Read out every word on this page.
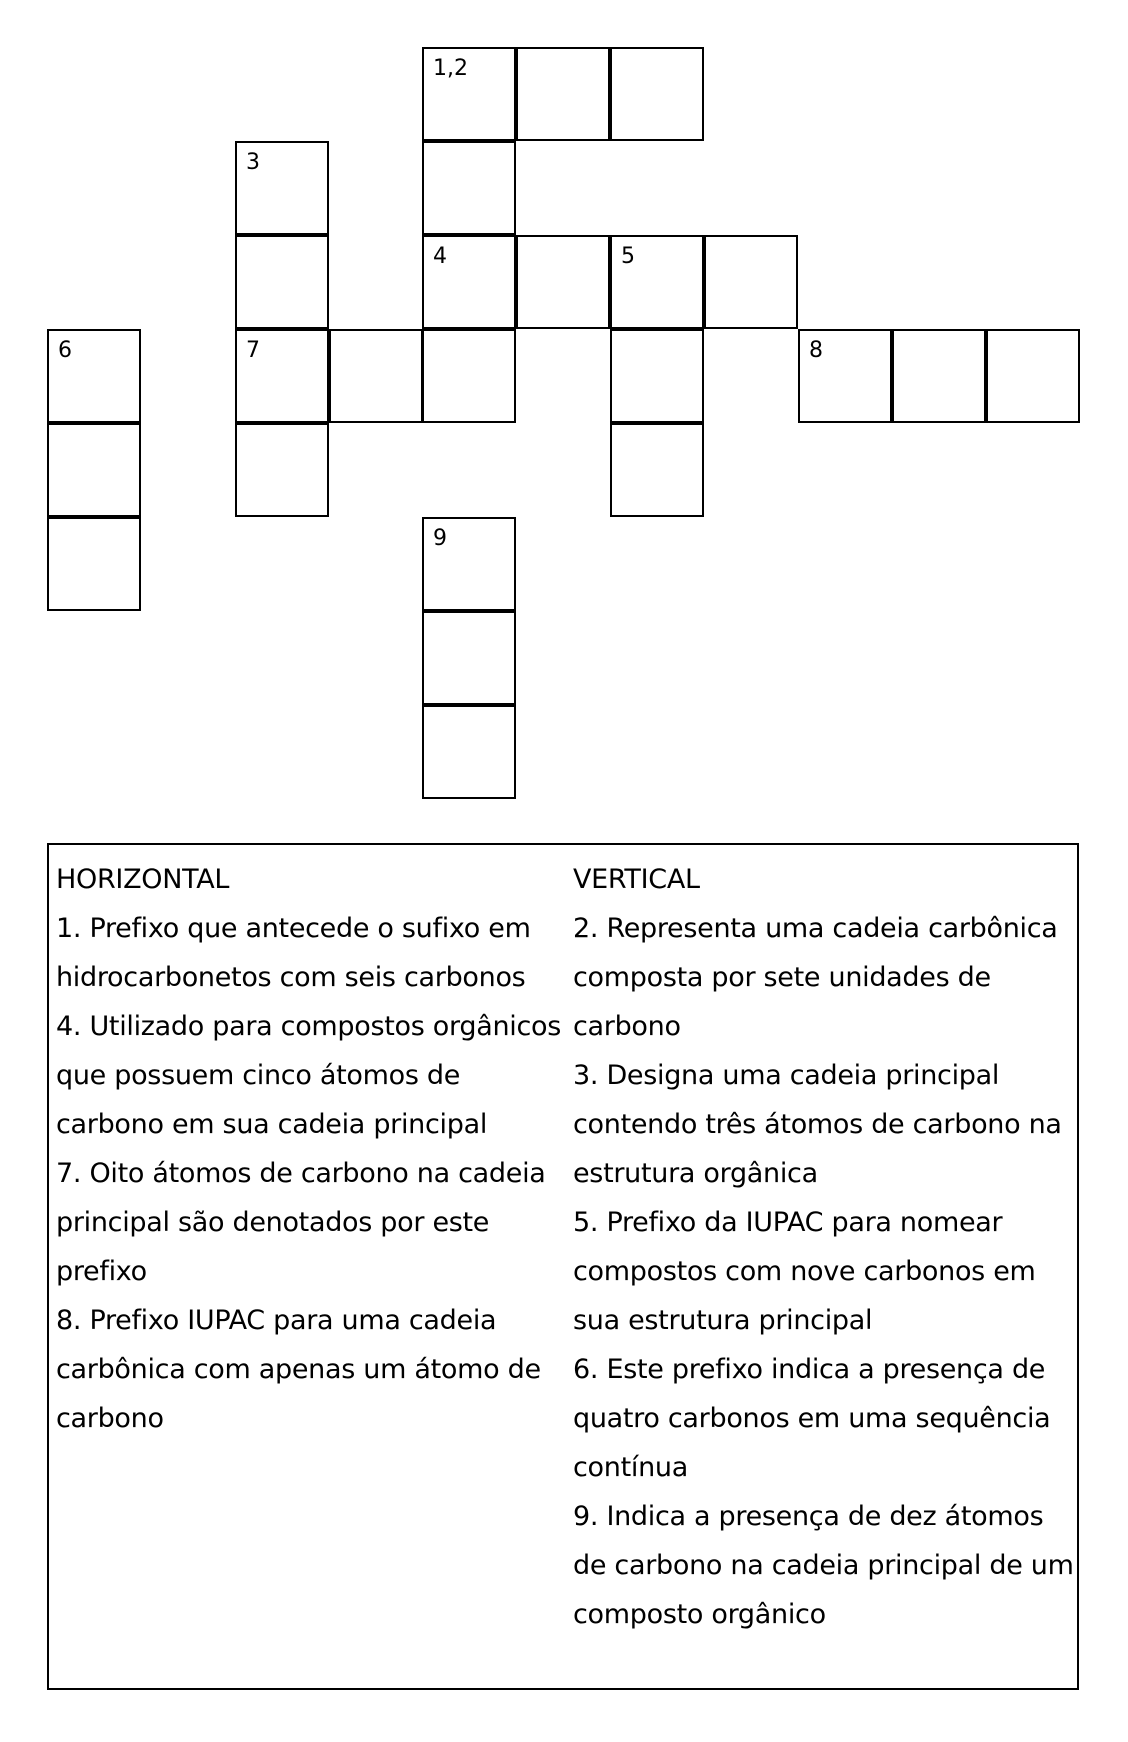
1,2
3
4	5
6	7	8
9

HORIZONTAL

1. Prefixo que antecede o sufixo em hidrocarbonetos com seis carbonos

4. Utilizado para compostos orgânicos que possuem cinco átomos de carbono em sua cadeia principal

7. Oito átomos de carbono na cadeia principal são denotados por este prefixo

8. Prefixo IUPAC para uma cadeia carbônica com apenas um átomo de carbono

VERTICAL

2. Representa uma cadeia carbônica composta por sete unidades de carbono

3. Designa uma cadeia principal contendo três átomos de carbono na estrutura orgânica

5. Prefixo da IUPAC para nomear compostos com nove carbonos em sua estrutura principal

6. Este prefixo indica a presença de quatro carbonos em uma sequência contínua

9. Indica a presença de dez átomos de carbono na cadeia principal de um composto orgânico
